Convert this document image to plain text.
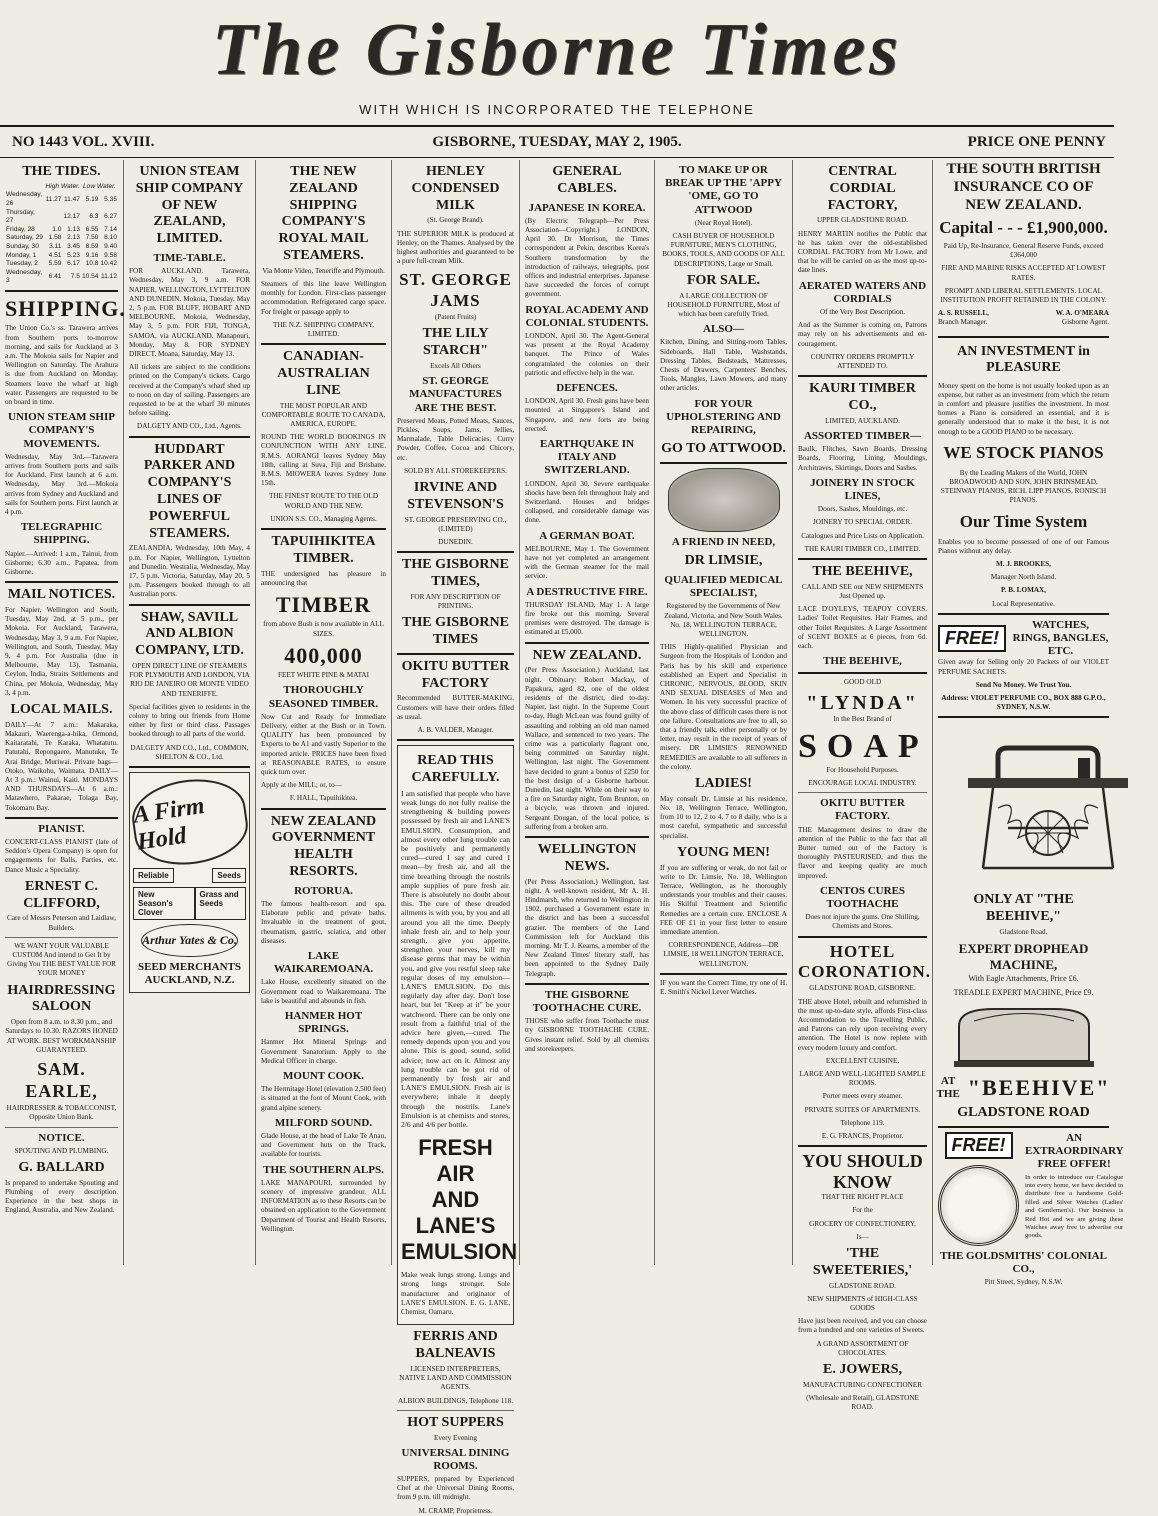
The Gisborne Times
WITH WHICH IS INCORPORATED THE TELEPHONE
NO 1443 VOL. XVIII.	GISBORNE, TUESDAY, MAY 2, 1905.	PRICE ONE PENNY
THE TIDES.
	High Water.		Low Water.	
Wednesday, 26	11.27	11.47	5.19	5.35
Thursday, 27		12.17	6.3	6.27
Friday, 28	1.0	1.13	6.55	7.14
Saturday, 29	1.58	2.13	7.50	8.10
Sunday, 30	3.11	3.45	8.59	9.40
Monday, 1	4.51	5.23	9.16	9.58
Tuesday, 2	5.59	6.17	10.8	10.42
Wednesday, 3	6.41	7.5	10.54	11.12
SHIPPING.

The Union Co.'s ss. Tarawera arrives from Southern ports to-morrow morning, and sails for Auckland at 3 a.m. The Mokoia sails for Napier and Wellington on Saturday. The Arahura is due from Auckland on Monday. Steamers leave the wharf at high water. Passengers are requested to be on board in time.

UNION STEAM SHIP COMPANY'S MOVEMENTS.

Wednesday, May 3rd.—Tarawera arrives from Southern ports and sails for Auckland. First launch at 6 a.m. Wednesday, May 3rd.—Mokoia arrives from Sydney and Auckland and sails for Southern ports. First launch at 4 p.m.

TELEGRAPHIC SHIPPING.

Napier.—Arrived: 1 a.m., Tainui, from Gisborne; 6.30 a.m., Papatea, from Gisborne.

MAIL NOTICES.

For Napier, Wellington and South, Tuesday, May 2nd, at 5 p.m., per Mokoia. For Auckland, Tarawera, Wednesday, May 3, 9 a.m. For Napier, Wellington, and South, Tuesday, May 9, 4 p.m. For Australia (due in Melbourne, May 13), Tasmania, Ceylon, India, Straits Settlements and China, per Mokoia, Wednesday, May 3, 4 p.m.

LOCAL MAILS.

DAILY—At 7 a.m.: Makaraka, Makauri, Waerenga-a-hika, Ormond, Kaitaratahi, Te Karaka, Whatatutu. Patutahi, Repongaere, Manutuke, Te Arai Bridge, Muriwai. Private bags—Otoko, Waikohu, Waimata. DAILY—At 3 p.m.: Wainui, Kaiti. MONDAYS AND THURSDAYS—At 6 a.m.: Matawhero, Pakarae, Tolaga Bay, Tokomaru Bay.

PIANIST.

CONCERT-CLASS PIANIST (late of Seddon's Opera Company) is open for engagements for Balls, Parties, etc. Dance Music a Speciality.

ERNEST C. CLIFFORD,

Care of Messrs Peterson and Laidlaw, Builders.

WE WANT YOUR VALUABLE CUSTOM And intend to Get It by Giving You THE BEST VALUE FOR YOUR MONEY

HAIRDRESSING SALOON

Open from 8 a.m. to 8.30 p.m., and Saturdays to 10.30. RAZORS HONED AT WORK. BEST WORKMANSHIP GUARANTEED.

SAM. EARLE,

HAIRDRESSER & TOBACCONIST, Opposite Union Bank.

NOTICE.

SPOUTING AND PLUMBING.

G. BALLARD

Is prepared to undertake Spouting and Plumbing of every description. Experience in the best shops in England, Australia, and New Zealand.

UNION STEAM SHIP COMPANY OF NEW ZEALAND, LIMITED.
TIME-TABLE.

FOR AUCKLAND. Tarawera, Wednesday, May 3, 9 a.m. FOR NAPIER, WELLINGTON, LYTTELTON AND DUNEDIN. Mokoia, Tuesday, May 2, 5 p.m. FOR BLUFF, HOBART AND MELBOURNE. Mokoia, Wednesday, May 3, 5 p.m. FOR FIJI, TONGA, SAMOA, via AUCKLAND. Manapouri, Monday, May 8. FOR SYDNEY DIRECT. Moana, Saturday, May 13.

All tickets are subject to the conditions printed on the Company's tickets. Cargo received at the Company's wharf shed up to noon on day of sailing. Passengers are requested to be at the wharf 30 minutes before sailing.

DALGETY AND CO., Ltd., Agents.

HUDDART PARKER AND COMPANY'S LINES OF POWERFUL STEAMERS.

ZEALANDIA, Wednesday, 10th May, 4 p.m. For Napier, Wellington, Lyttelton and Dunedin. Westralia, Wednesday, May 17, 5 p.m. Victoria, Saturday, May 20, 5 p.m. Passengers booked through to all Australian ports.

SHAW, SAVILL AND ALBION COMPANY, LTD.

OPEN DIRECT LINE OF STEAMERS FOR PLYMOUTH AND LONDON, VIA RIO DE JANEIRO OR MONTE VIDEO AND TENERIFFE.

Special facilities given to residents in the colony to bring out friends from Home either by first or third class. Passages booked through to all parts of the world.

DALGETY AND CO., Ltd., COMMON, SHELTON & CO., Ltd.

A Firm Hold
Reliable	Seeds
New Season's Clover
Grass and Seeds
Arthur Yates & Co.
SEED MERCHANTS AUCKLAND, N.Z.
THE NEW ZEALAND SHIPPING COMPANY'S ROYAL MAIL STEAMERS.

Via Monte Video, Teneriffe and Plymouth.

Steamers of this line leave Wellington monthly for London. First-class passenger accommodation. Refrigerated cargo space. For freight or passage apply to

THE N.Z. SHIPPING COMPANY, LIMITED.

CANADIAN-AUSTRALIAN LINE

THE MOST POPULAR AND COMFORTABLE ROUTE TO CANADA, AMERICA, EUROPE.

ROUND THE WORLD BOOKINGS IN CONJUNCTION WITH ANY LINE. R.M.S. AORANGI leaves Sydney May 18th, calling at Suva, Fiji and Brisbane. R.M.S. MIOWERA leaves Sydney June 15th.

THE FINEST ROUTE TO THE OLD WORLD AND THE NEW.

UNION S.S. CO., Managing Agents.

TAPUIHIKITEA TIMBER.

THE undersigned has pleasure in announcing that

TIMBER

from above Bush is now available in ALL SIZES.

400,000

FEET WHITE PINE & MATAI

THOROUGHLY SEASONED TIMBER.

Now Cut and Ready for Immediate Delivery, either at the Bush or in Town. QUALITY has been pronounced by Experts to be A1 and vastly Superior to the imported article. PRICES have been fixed at REASONABLE RATES, to ensure quick turn over.

Apply at the MILL; or, to—

F. HALL, Tapuihikitea.

NEW ZEALAND GOVERNMENT HEALTH RESORTS.
ROTORUA.

The famous health-resort and spa. Elaborate public and private baths. Invaluable in the treatment of gout, rheumatism, gastric, sciatica, and other diseases.

LAKE WAIKAREMOANA.

Lake House, excellently situated on the Government road to Waikaremoana. The lake is beautiful and abounds in fish.

HANMER HOT SPRINGS.

Hanmer Hot Mineral Springs and Government Sanatorium. Apply to the Medical Officer in charge.

MOUNT COOK.

The Hermitage Hotel (elevation 2,500 feet) is situated at the foot of Mount Cook, with grand alpine scenery.

MILFORD SOUND.

Glade House, at the head of Lake Te Anau, and Government huts on the Track, available for tourists.

THE SOUTHERN ALPS.

LAKE MANAPOURI, surrounded by scenery of impressive grandeur. ALL INFORMATION as to these Resorts can be obtained on application to the Government Department of Tourist and Health Resorts, Wellington.

HENLEY CONDENSED MILK

(St. George Brand).

THE SUPERIOR MILK is produced at Henley, on the Thames. Analysed by the highest authorities and guaranteed to be a pure full-cream Milk.

ST. GEORGE JAMS

(Patent Fruits)

THE LILY STARCH"

Excels All Others

ST. GEORGE MANUFACTURES ARE THE BEST.

Preserved Meats, Potted Meats, Sauces, Pickles, Soups, Jams, Jellies, Marmalade, Table Delicacies, Curry Powder, Coffee, Cocoa and Chicory, etc.

SOLD BY ALL STOREKEEPERS.

IRVINE AND STEVENSON'S

ST. GEORGE PRESERVING CO., (LIMITED)

DUNEDIN.

THE GISBORNE TIMES,

FOR ANY DESCRIPTION OF PRINTING.

THE GISBORNE TIMES
OKITU BUTTER FACTORY

Recommended BUTTER-MAKING. Customers will have their orders filled as usual.

A. B. VALDER, Manager.

READ THIS CAREFULLY.

I am satisfied that people who have weak lungs do not fully realise the strengthening & building powers possessed by fresh air and LANE'S EMULSION. Consumption, and almost every other lung trouble can be positively and permanently cured—cured I say and cured I mean—by fresh air, and all the time breathing through the nostrils ample supplies of pure fresh air. There is absolutely no doubt about this. The cure of these dreaded ailments is with you, by you and all around you all the time. Deeply inhale fresh air, and to help your strength, give you appetite, strengthen your nerves, kill my disease germs that may be within you, and give you restful sleep take regular doses of my emulsion—LANE'S EMULSION. Do this regularly day after day. Don't lose heart, but let "Keep at it" be your watchword. There can be only one result from a faithful trial of the advice here given,—cured. The remedy depends upon you and you alone. This is good, sound, solid advice; now act on it. Almost any lung trouble can be got rid of permanently by fresh air and LANE'S EMULSION. Fresh air is everywhere; inhale it deeply through the nostrils. Lane's Emulsion is at chemists and stores, 2/6 and 4/6 per bottle.

FRESH
AIR
AND
LANE'S
EMULSION

Make weak lungs strong. Lungs and strong lungs stronger. Sole manufacturer and originator of LANE'S EMULSION. E. G. LANE, Chemist, Oamaru.

FERRIS AND BALNEAVIS

LICENSED INTERPRETERS, NATIVE LAND AND COMMISSION AGENTS.

ALBION BUILDINGS, Telephone 118.

HOT SUPPERS

Every Evening

UNIVERSAL DINING ROOMS.

SUPPERS, prepared by Experienced Chef at the Universal Dining Rooms, from 9 p.m. till midnight.

M. CRAMP, Proprietress.

GENERAL CABLES.
JAPANESE IN KOREA.

(By Electric Telegraph—Per Press Association—Copyright.) LONDON, April 30. Dr Morrison, the Times correspondent at Pekin, describes Korea's Southern transformation by the introduction of railways, telegraphs, post offices and industrial enterprises. Japanese have succeeded the forces of corrupt government.

ROYAL ACADEMY AND COLONIAL STUDENTS.

LONDON, April 30. The Agent-General was present at the Royal Academy banquet. The Prince of Wales congratulated the colonies on their patriotic and effective help in the war.

DEFENCES.

LONDON, April 30. Fresh guns have been mounted at Singapore's Island and Singapore, and new forts are being erected.

EARTHQUAKE IN ITALY AND SWITZERLAND.

LONDON, April 30. Severe earthquake shocks have been felt throughout Italy and Switzerland. Houses and bridges collapsed, and considerable damage was done.

A GERMAN BOAT.

MELBOURNE, May 1. The Government have not yet completed an arrangement with the German steamer for the mail service.

A DESTRUCTIVE FIRE.

THURSDAY ISLAND, May 1. A large fire broke out this morning. Several premises were destroyed. The damage is estimated at £5,000.

NEW ZEALAND.

(Per Press Association.) Auckland, last night. Obituary: Robert Mackay, of Papakura, aged 82, one of the oldest residents of the district, died to-day. Napier, last night. In the Supreme Court to-day, Hugh McLean was found guilty of assaulting and robbing an old man named Wallace, and sentenced to two years. The crime was a particularly flagrant one, being committed on Saturday night. Wellington, last night. The Government have decided to grant a bonus of £250 for the best design of a Gisborne harbour. Dunedin, last night. While on their way to a fire on Saturday night, Tom Brunton, on a bicycle, was thrown and injured. Sergeant Dougan, of the local police, is suffering from a broken arm.

WELLINGTON NEWS.

(Per Press Association.) Wellington, last night. A well-known resident, Mr A. H. Hindmarsh, who returned to Wellington in 1902, purchased a Government estate in the district and has been a successful grazier. The members of the Land Commission left for Auckland this morning. Mr T. J. Kearns, a member of the New Zealand Times' literary staff, has been appointed to the Sydney Daily Telegraph.

THE GISBORNE TOOTHACHE CURE.

THOSE who suffer from Toothache must try GISBORNE TOOTHACHE CURE. Gives instant relief. Sold by all chemists and storekeepers.

TO MAKE UP OR BREAK UP THE 'APPY 'OME, GO TO ATTWOOD

(Near Royal Hotel).

CASH BUYER OF HOUSEHOLD FURNITURE, MEN'S CLOTHING, BOOKS, TOOLS, AND GOODS OF ALL DESCRIPTIONS, Large or Small.

FOR SALE.

A LARGE COLLECTION OF HOUSEHOLD FURNITURE, Most of which has been carefully Tried.

ALSO—

Kitchen, Dining, and Sitting-room Tables, Sideboards, Hall Table, Washstands, Dressing Tables, Bedsteads, Mattresses, Chests of Drawers, Carpenters' Benches, Tools, Mangles, Lawn Mowers, and many other articles.

FOR YOUR UPHOLSTERING AND REPAIRING,
GO TO ATTWOOD.
A FRIEND IN NEED,
DR LIMSIE,
QUALIFIED MEDICAL SPECIALIST,

Registered by the Governments of New Zealand, Victoria, and New South Wales. No. 18, WELLINGTON TERRACE, WELLINGTON.

THIS Highly-qualified Physician and Surgeon from the Hospitals of London and Paris has by his skill and experience established an Expert and Specialist in CHRONIC, NERVOUS, BLOOD, SKIN AND SEXUAL DISEASES of Men and Women. In his very successful practice of the above class of difficult cases there is not one failure. Consultations are free to all, so that a friendly talk, either personally or by letter, may result in the receipt of years of misery. DR LIMSIE'S RENOWNED REMEDIES are available to all sufferers in the colony.

LADIES!

May consult Dr. Limsie at his residence, No. 18, Wellington Terrace, Wellington, from 10 to 12, 2 to 4, 7 to 8 daily, who is a most careful, sympathetic and successful specialist.

YOUNG MEN!

If you are suffering or weak, do not fail or write to Dr. Limsie, No. 18, Wellington Terrace, Wellington, as he thoroughly understands your troubles and their causes. His Skilful Treatment and Scientific Remedies are a certain cure. ENCLOSE A FEE OF £1 in your first letter to ensure immediate attention.

CORRESPONDENCE, Address—DR LIMSIE, 18 WELLINGTON TERRACE, WELLINGTON.

IF you want the Correct Time, try one of H. E. Smith's Nickel Lever Watches.

CENTRAL CORDIAL FACTORY,

UPPER GLADSTONE ROAD.

HENRY MARTIN notifies the Public that he has taken over the old-established CORDIAL FACTORY from Mr Lowe, and that he will be carried on as the most up-to-date lines.

AERATED WATERS AND CORDIALS

Of the Very Best Description.

And as the Summer is coming on, Patrons may rely on his advertisements and en-couragement.

COUNTRY ORDERS PROMPTLY ATTENDED TO.

KAURI TIMBER CO.,

LIMITED, AUCKLAND.

ASSORTED TIMBER—

Baulk, Flitches, Sawn Boards, Dressing Boards, Flooring, Lining, Mouldings, Architraves, Skirtings, Doors and Sashes.

JOINERY IN STOCK LINES,

Doors, Sashes, Mouldings, etc.

JOINERY TO SPECIAL ORDER.

Catalogues and Price Lists on Application.

THE KAURI TIMBER CO., LIMITED.

THE BEEHIVE,

CALL AND SEE our NEW SHIPMENTS Just Opened up.

LACE D'OYLEYS, TEAPOY COVERS. Ladies' Toilet Requisites. Hair Frames, and other Toilet Requisites. A Large Assortment of SCENT BOXES at 6 pieces, from 6d. each.

THE BEEHIVE,

GOOD OLD

"LYNDA"

In the Best Brand of

SOAP

For Household Purposes.

ENCOURAGE LOCAL INDUSTRY.

OKITU BUTTER FACTORY.

THE Management desires to draw the attention of the Public to the fact that all Butter turned out of the Factory is thoroughly PASTEURISED, and thus the flavor and keeping quality are much improved.

CENTOS CURES TOOTHACHE

Does not injure the gums. One Shilling, Chemists and Stores.

HOTEL CORONATION.

GLADSTONE ROAD, GISBORNE.

THE above Hotel, rebuilt and refurnished in the most up-to-date style, affords First-class Accommodation to the Travelling Public, and Patrons can rely upon receiving every attention. The Hotel is now replete with every modern luxury and comfort.

EXCELLENT CUISINE.

LARGE AND WELL-LIGHTED SAMPLE ROOMS.

Porter meets every steamer.

PRIVATE SUITES OF APARTMENTS.

Telephone 119.

E. G. FRANCIS, Proprietor.

YOU SHOULD KNOW

THAT THE RIGHT PLACE

For the

GROCERY OF CONFECTIONERY,

Is—

'THE SWEETERIES,'

GLADSTONE ROAD.

NEW SHIPMENTS of HIGH-CLASS GOODS

Have just been received, and you can choose from a hundred and one varieties of Sweets.

A GRAND ASSORTMENT OF CHOCOLATES.

E. JOWERS,

MANUFACTURING CONFECTIONER

(Wholesale and Retail), GLADSTONE ROAD.

THE SOUTH BRITISH INSURANCE CO OF NEW ZEALAND.
Capital - - - £1,900,000.

Paid Up, Re-Insurance, General Reserve Funds, exceed £364,000

FIRE AND MARINE RISKS ACCEPTED AT LOWEST RATES.

PROMPT AND LIBERAL SETTLEMENTS. LOCAL INSTITUTION PROFIT RETAINED IN THE COLONY.

A. S. RUSSELL,
Branch Manager.
W. A. O'MEARA
Gisborne Agent.
AN INVESTMENT in PLEASURE

Money spent on the home is not usually looked upon as an expense, but rather as an investment from which the return in comfort and pleasure justifies the investment. In most homes a Piano is considered an essential, and it is generally understood that to make it the best, it is not enough to be a GOOD PIANO to be necessary.

WE STOCK PIANOS

By the Leading Makers of the World, JOHN BROADWOOD AND SON, JOHN BRINSMEAD, STEINWAY PIANOS, RICH. LIPP PIANOS, RONISCH PIANOS.

Our Time System

Enables you to become possessed of one of our Famous Pianos without any delay.

M. J. BROOKES,

Manager North Island.

P. B. LOMAX,

Local Representative.

FREE!
WATCHES, RINGS, BANGLES, ETC.

Given away for Selling only 20 Packets of our VIOLET PERFUME SACHETS.

Send No Money. We Trust You.

Address: VIOLET PERFUME CO., BOX 888 G.P.O., SYDNEY, N.S.W.

ONLY AT "THE BEEHIVE,"

Gladstone Road.

EXPERT DROPHEAD MACHINE,

With Eagle Attachments, Price £6.

TREADLE EXPERT MACHINE, Price £9.

AT THE "BEEHIVE"
GLADSTONE ROAD
FREE!	AN EXTRAORDINARY FREE OFFER!

In order to introduce our Catalogue into every home, we have decided to distribute free a handsome Gold-filled and Silver Watches (Ladies' and Gentlemen's). Our business is Red Hot and we are giving these Watches away free to advertise our goods.

THE GOLDSMITHS' COLONIAL CO.,

Pitt Street, Sydney, N.S.W.
